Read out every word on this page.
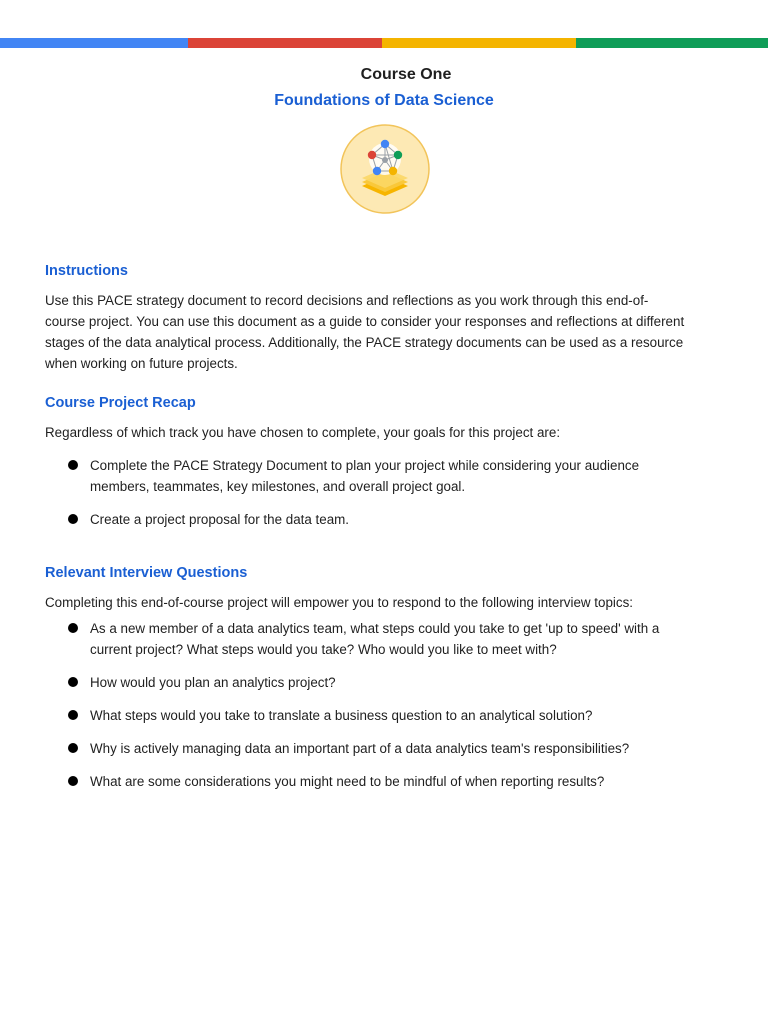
Course One
Foundations of Data Science
Instructions
Use this PACE strategy document to record decisions and reflections as you work through this end-of-
course project. You can use this document as a guide to consider your responses and reflections at different
stages of the data analytical process. Additionally, the PACE strategy documents can be used as a resource
when working on future projects.
Course Project Recap
Regardless of which track you have chosen to complete, your goals for this project are:
Complete the PACE Strategy Document to plan your project while considering your audience
members, teammates, key milestones, and overall project goal.
Create a project proposal for the data team.
Relevant Interview Questions
Completing this end-of-course project will empower you to respond to the following interview topics:
As a new member of a data analytics team, what steps could you take to get 'up to speed' with a
current project? What steps would you take? Who would you like to meet with?
How would you plan an analytics project?
What steps would you take to translate a business question to an analytical solution?
Why is actively managing data an important part of a data analytics team's responsibilities?
What are some considerations you might need to be mindful of when reporting results?
